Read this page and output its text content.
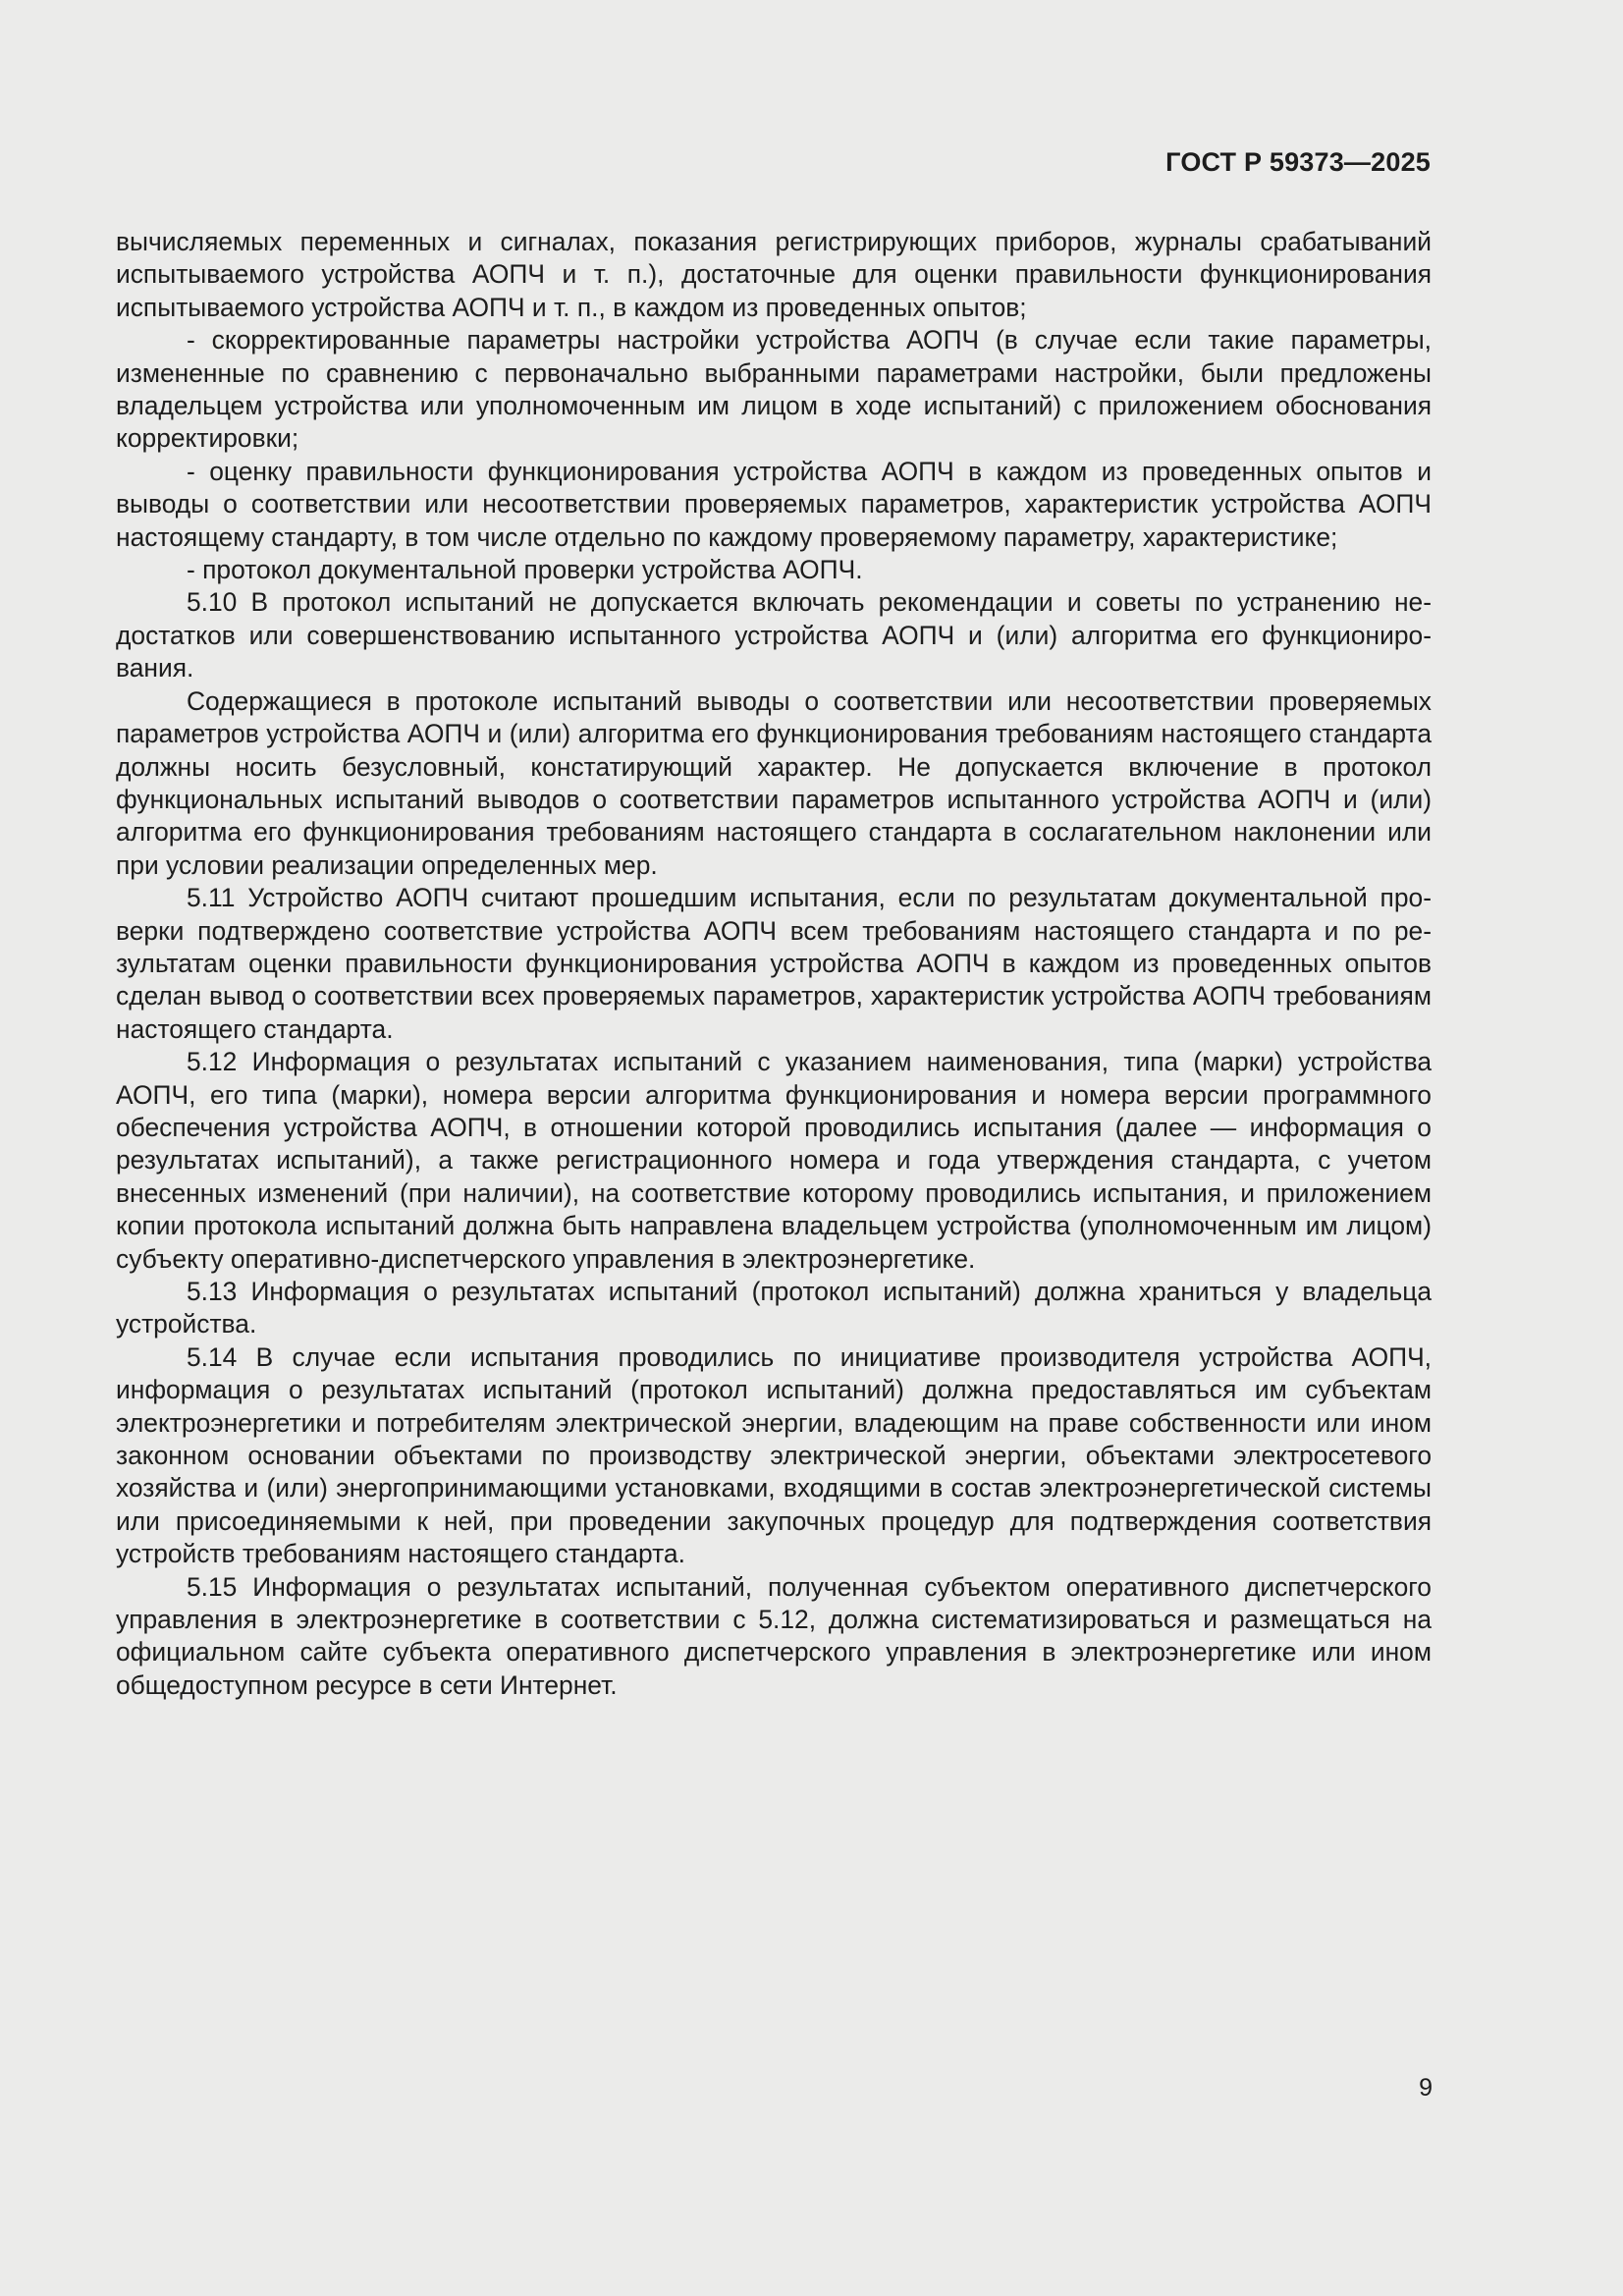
ГОСТ Р 59373—2025

вычисляемых переменных и сигналах, показания регистрирующих приборов, журналы срабатываний испытываемого устройства АОПЧ и т. п.), достаточные для оценки правильности функционирования испытываемого устройства АОПЧ и т. п., в каждом из проведенных опытов;

- скорректированные параметры настройки устройства АОПЧ (в случае если такие параметры, измененные по сравнению с первоначально выбранными параметрами настройки, были предложены владельцем устройства или уполномоченным им лицом в ходе испытаний) с приложением обоснования корректировки;

- оценку правильности функционирования устройства АОПЧ в каждом из проведенных опытов и выводы о соответствии или несоответствии проверяемых параметров, характеристик устройства АОПЧ настоящему стандарту, в том числе отдельно по каждому проверяемому параметру, характеристике;

- протокол документальной проверки устройства АОПЧ.

5.10 В протокол испытаний не допускается включать рекомендации и советы по устранению недостатков или совершенствованию испытанного устройства АОПЧ и (или) алгоритма его функционирования.

Содержащиеся в протоколе испытаний выводы о соответствии или несоответствии проверяемых параметров устройства АОПЧ и (или) алгоритма его функционирования требованиям настоящего стандарта должны носить безусловный, констатирующий характер. Не допускается включение в протокол функциональных испытаний выводов о соответствии параметров испытанного устройства АОПЧ и (или) алгоритма его функционирования требованиям настоящего стандарта в сослагательном наклонении или при условии реализации определенных мер.

5.11 Устройство АОПЧ считают прошедшим испытания, если по результатам документальной проверки подтверждено соответствие устройства АОПЧ всем требованиям настоящего стандарта и по результатам оценки правильности функционирования устройства АОПЧ в каждом из проведенных опытов сделан вывод о соответствии всех проверяемых параметров, характеристик устройства АОПЧ требованиям настоящего стандарта.

5.12 Информация о результатах испытаний с указанием наименования, типа (марки) устройства АОПЧ, его типа (марки), номера версии алгоритма функционирования и номера версии программного обеспечения устройства АОПЧ, в отношении которой проводились испытания (далее — информация о результатах испытаний), а также регистрационного номера и года утверждения стандарта, с учетом внесенных изменений (при наличии), на соответствие которому проводились испытания, и приложением копии протокола испытаний должна быть направлена владельцем устройства (уполномоченным им лицом) субъекту оперативно-диспетчерского управления в электроэнергетике.

5.13 Информация о результатах испытаний (протокол испытаний) должна храниться у владельца устройства.

5.14 В случае если испытания проводились по инициативе производителя устройства АОПЧ, информация о результатах испытаний (протокол испытаний) должна предоставляться им субъектам электроэнергетики и потребителям электрической энергии, владеющим на праве собственности или ином законном основании объектами по производству электрической энергии, объектами электросетевого хозяйства и (или) энергопринимающими установками, входящими в состав электроэнергетической системы или присоединяемыми к ней, при проведении закупочных процедур для подтверждения соответствия устройств требованиям настоящего стандарта.

5.15 Информация о результатах испытаний, полученная субъектом оперативного диспетчерского управления в электроэнергетике в соответствии с 5.12, должна систематизироваться и размещаться на официальном сайте субъекта оперативного диспетчерского управления в электроэнергетике или ином общедоступном ресурсе в сети Интернет.

9
